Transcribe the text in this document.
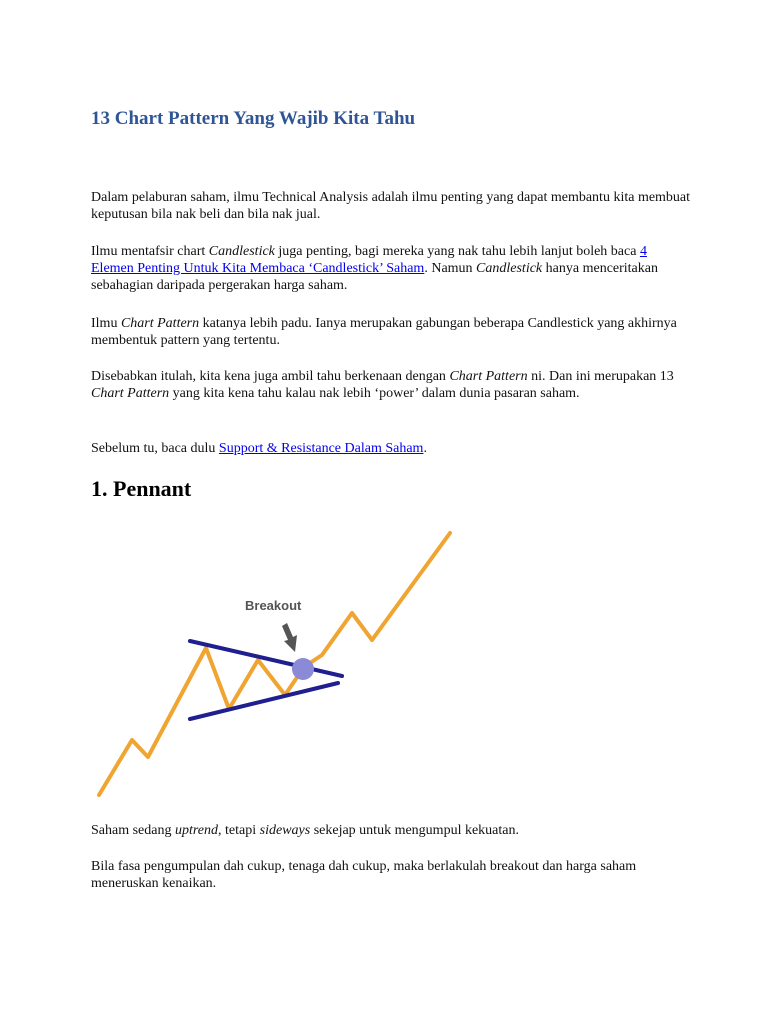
13 Chart Pattern Yang Wajib Kita Tahu

Dalam pelaburan saham, ilmu Technical Analysis adalah ilmu penting yang dapat membantu kita membuat keputusan bila nak beli dan bila nak jual.

Ilmu mentafsir chart Candlestick juga penting, bagi mereka yang nak tahu lebih lanjut boleh baca 4 Elemen Penting Untuk Kita Membaca ‘Candlestick’ Saham. Namun Candlestick hanya menceritakan sebahagian daripada pergerakan harga saham.

Ilmu Chart Pattern katanya lebih padu. Ianya merupakan gabungan beberapa Candlestick yang akhirnya membentuk pattern yang tertentu.

Disebabkan itulah, kita kena juga ambil tahu berkenaan dengan Chart Pattern ni. Dan ini merupakan 13 Chart Pattern yang kita kena tahu kalau nak lebih ‘power’ dalam dunia pasaran saham.

Sebelum tu, baca dulu Support & Resistance Dalam Saham.

1. Pennant

Saham sedang uptrend, tetapi sideways sekejap untuk mengumpul kekuatan.

Bila fasa pengumpulan dah cukup, tenaga dah cukup, maka berlakulah breakout dan harga saham meneruskan kenaikan.

Breakout
